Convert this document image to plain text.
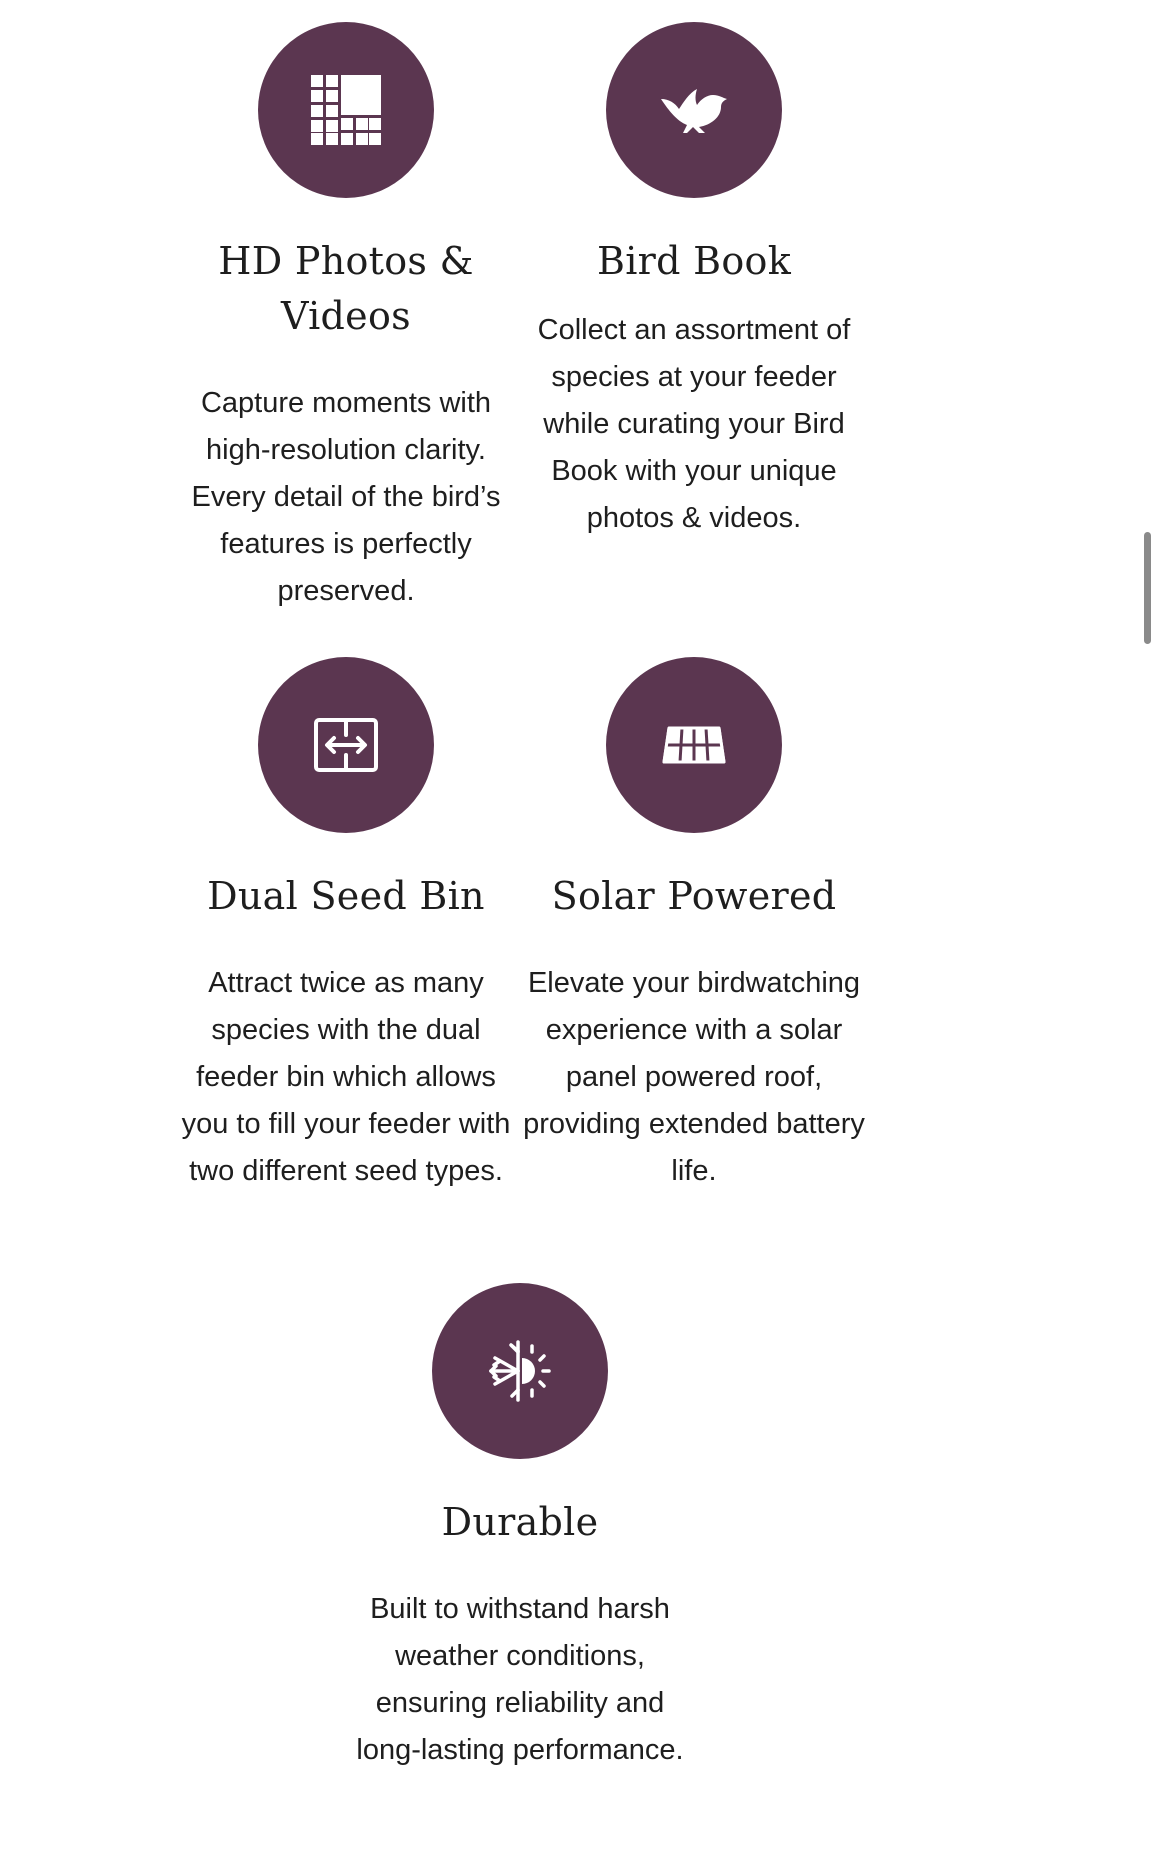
HD Photos & Videos
Capture moments with high-resolution clarity. Every detail of the bird’s features is perfectly preserved.
Bird Book
Collect an assortment of species at your feeder while curating your Bird Book with your unique photos & videos.
Dual Seed Bin
Attract twice as many species with the dual feeder bin which allows you to fill your feeder with two different seed types.
Solar Powered
Elevate your birdwatching experience with a solar panel powered roof, providing extended battery life.
Durable
Built to withstand harsh weather conditions, ensuring reliability and long-lasting performance.
